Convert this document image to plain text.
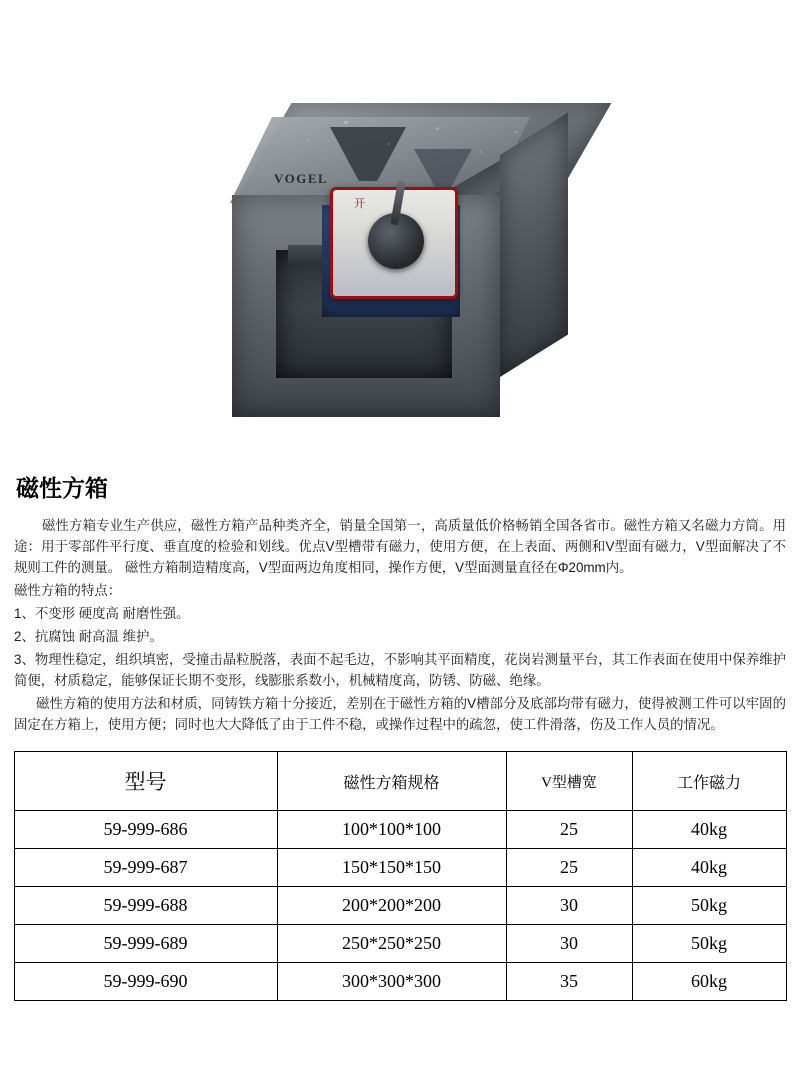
开
VOGEL
磁性方箱

磁性方箱专业生产供应，磁性方箱产品种类齐全，销量全国第一，高质量低价格畅销全国各省市。磁性方箱又名磁力方筒。用途：用于零部件平行度、垂直度的检验和划线。优点V型槽带有磁力，使用方便，在上表面、两侧和V型面有磁力，V型面解决了不规则工件的测量。 磁性方箱制造精度高，V型面两边角度相同，操作方便，V型面测量直径在Φ20mm内。

磁性方箱的特点：

1、不变形 硬度高 耐磨性强。

2、抗腐蚀 耐高温 维护。

3、物理性稳定，组织填密，受撞击晶粒脱落，表面不起毛边，不影响其平面精度，花岗岩测量平台，其工作表面在使用中保养维护简便，材质稳定，能够保证长期不变形，线膨胀系数小，机械精度高，防锈、防磁、绝缘。

磁性方箱的使用方法和材质，同铸铁方箱十分接近，差别在于磁性方箱的V槽部分及底部均带有磁力，使得被测工件可以牢固的固定在方箱上，使用方便；同时也大大降低了由于工件不稳，或操作过程中的疏忽，使工件滑落，伤及工作人员的情况。

型号	磁性方箱规格	V型槽宽	工作磁力
59-999-686	100*100*100	25	40kg
59-999-687	150*150*150	25	40kg
59-999-688	200*200*200	30	50kg
59-999-689	250*250*250	30	50kg
59-999-690	300*300*300	35	60kg
